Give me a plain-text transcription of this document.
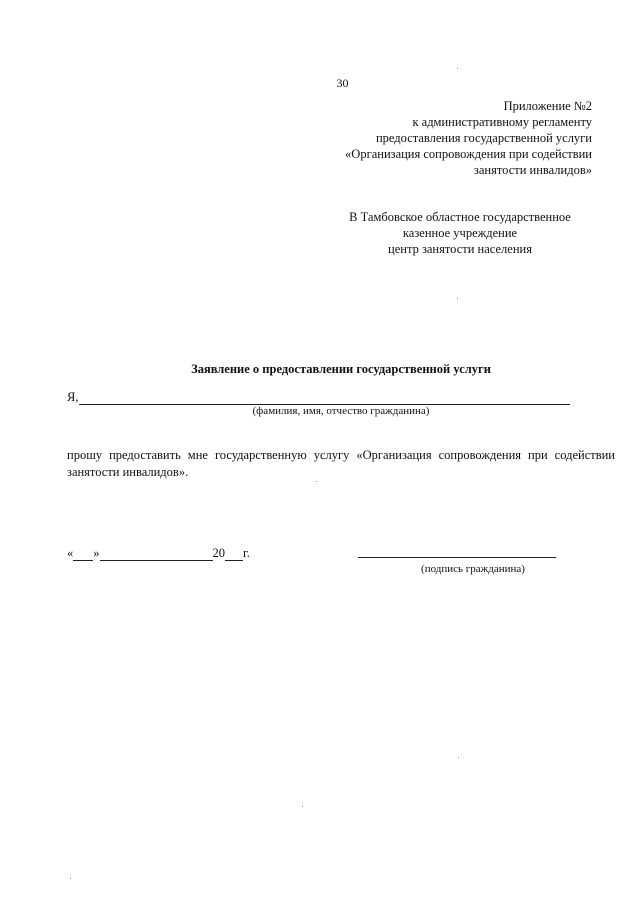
30
Приложение №2
к административному регламенту
предоставления государственной услуги
«Организация сопровождения при содействии
занятости инвалидов»
В Тамбовское областное государственное
казенное учреждение
центр занятости населения
Заявление о предоставлении государственной услуги
Я,
(фамилия, имя, отчество гражданина)
прошу предоставить мне государственную услугу «Организация сопровождения при содействии занятости инвалидов».
« »	20 г.
(подпись гражданина)
